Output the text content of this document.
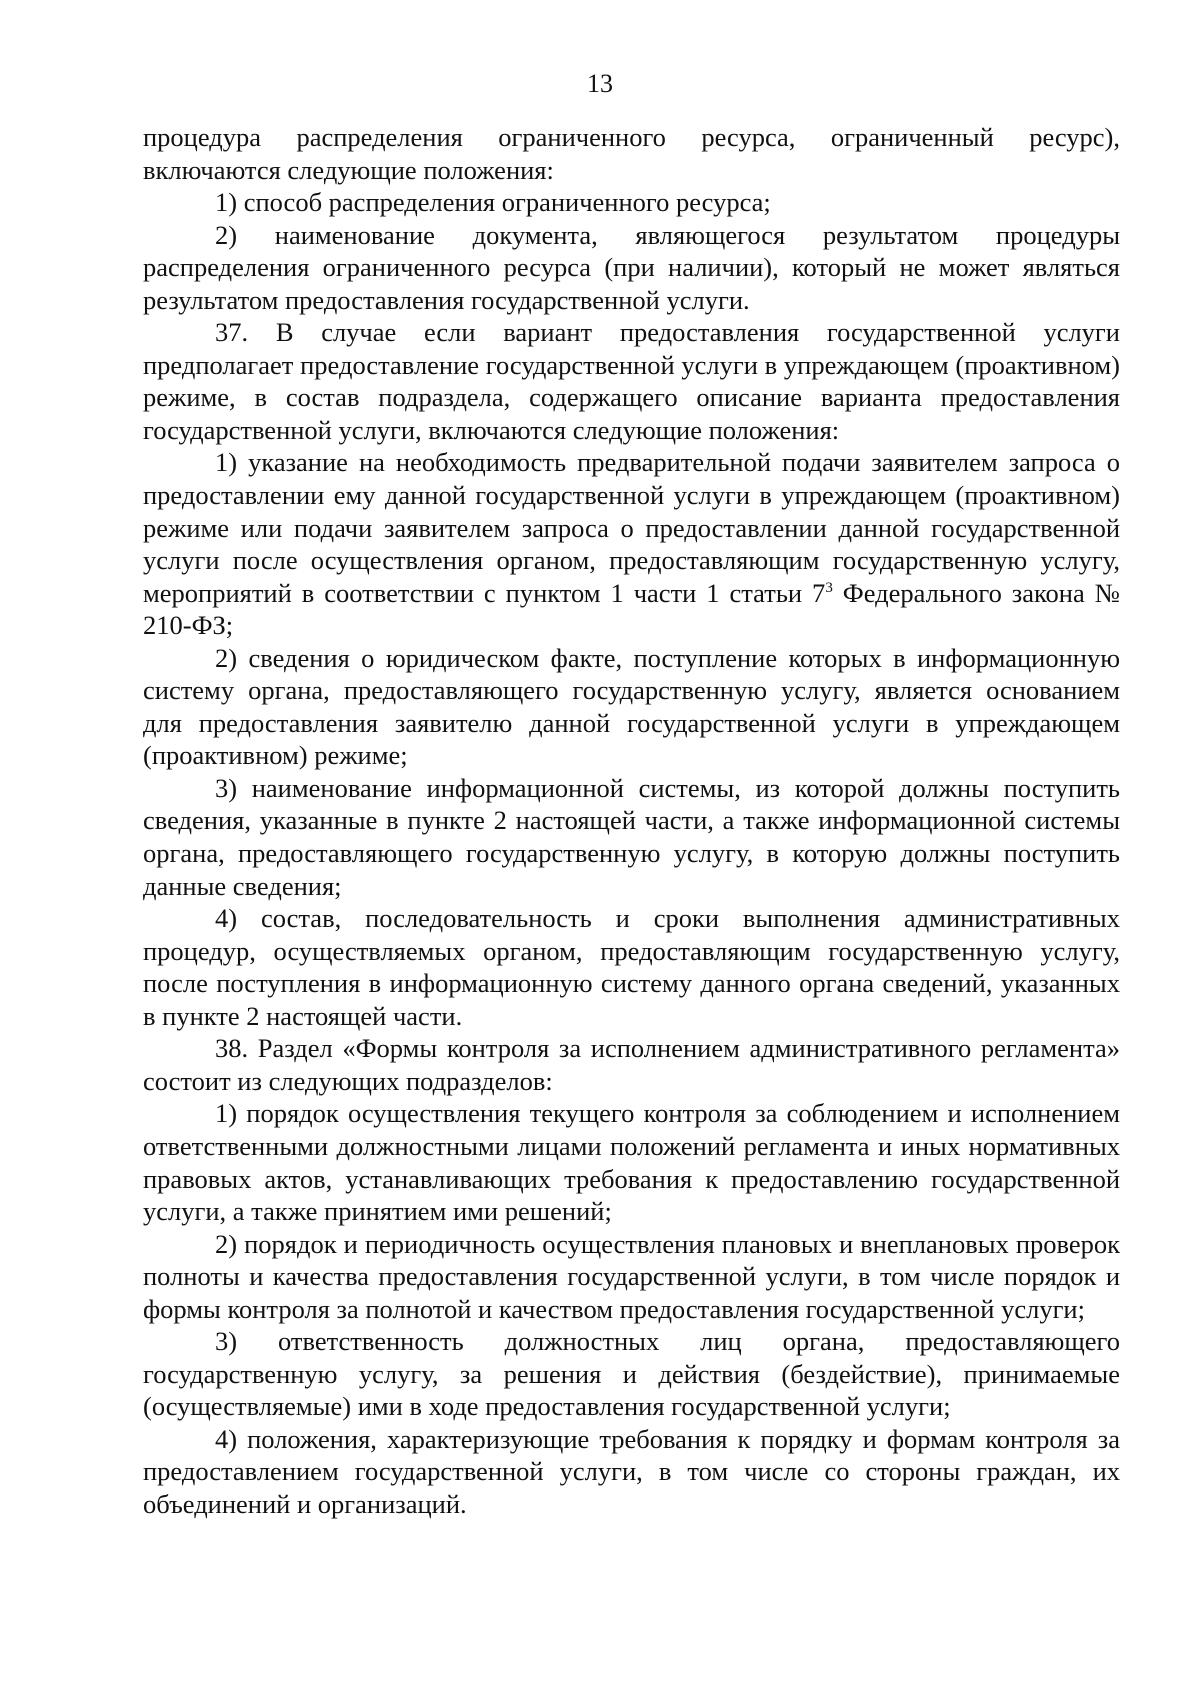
13

процедура распределения ограниченного ресурса, ограниченный ресурс), включаются следующие положения:

1) способ распределения ограниченного ресурса;

2) наименование документа, являющегося результатом процедуры распределения ограниченного ресурса (при наличии), который не может являться результатом предоставления государственной услуги.

37. В случае если вариант предоставления государственной услуги предполагает предоставление государственной услуги в упреждающем (проактивном) режиме, в состав подраздела, содержащего описание варианта предоставления государственной услуги, включаются следующие положения:

1) указание на необходимость предварительной подачи заявителем запроса о предоставлении ему данной государственной услуги в упреждающем (проактивном) режиме или подачи заявителем запроса о предоставлении данной государственной услуги после осуществления органом, предоставляющим государственную услугу, мероприятий в соответствии с пунктом 1 части 1 статьи $7^3$ Федерального закона № 210-ФЗ;

2) сведения о юридическом факте, поступление которых в информационную систему органа, предоставляющего государственную услугу, является основанием для предоставления заявителю данной государственной услуги в упреждающем (проактивном) режиме;

3) наименование информационной системы, из которой должны поступить сведения, указанные в пункте 2 настоящей части, а также информационной системы органа, предоставляющего государственную услугу, в которую должны поступить данные сведения;

4) состав, последовательность и сроки выполнения административных процедур, осуществляемых органом, предоставляющим государственную услугу, после поступления в информационную систему данного органа сведений, указанных в пункте 2 настоящей части.

38. Раздел «Формы контроля за исполнением административного регламента» состоит из следующих подразделов:

1) порядок осуществления текущего контроля за соблюдением и исполнением ответственными должностными лицами положений регламента и иных нормативных правовых актов, устанавливающих требования к предоставлению государственной услуги, а также принятием ими решений;

2) порядок и периодичность осуществления плановых и внеплановых проверок полноты и качества предоставления государственной услуги, в том числе порядок и формы контроля за полнотой и качеством предоставления государственной услуги;

3) ответственность должностных лиц органа, предоставляющего государственную услугу, за решения и действия (бездействие), принимаемые (осуществляемые) ими в ходе предоставления государственной услуги;

4) положения, характеризующие требования к порядку и формам контроля за предоставлением государственной услуги, в том числе со стороны граждан, их объединений и организаций.
